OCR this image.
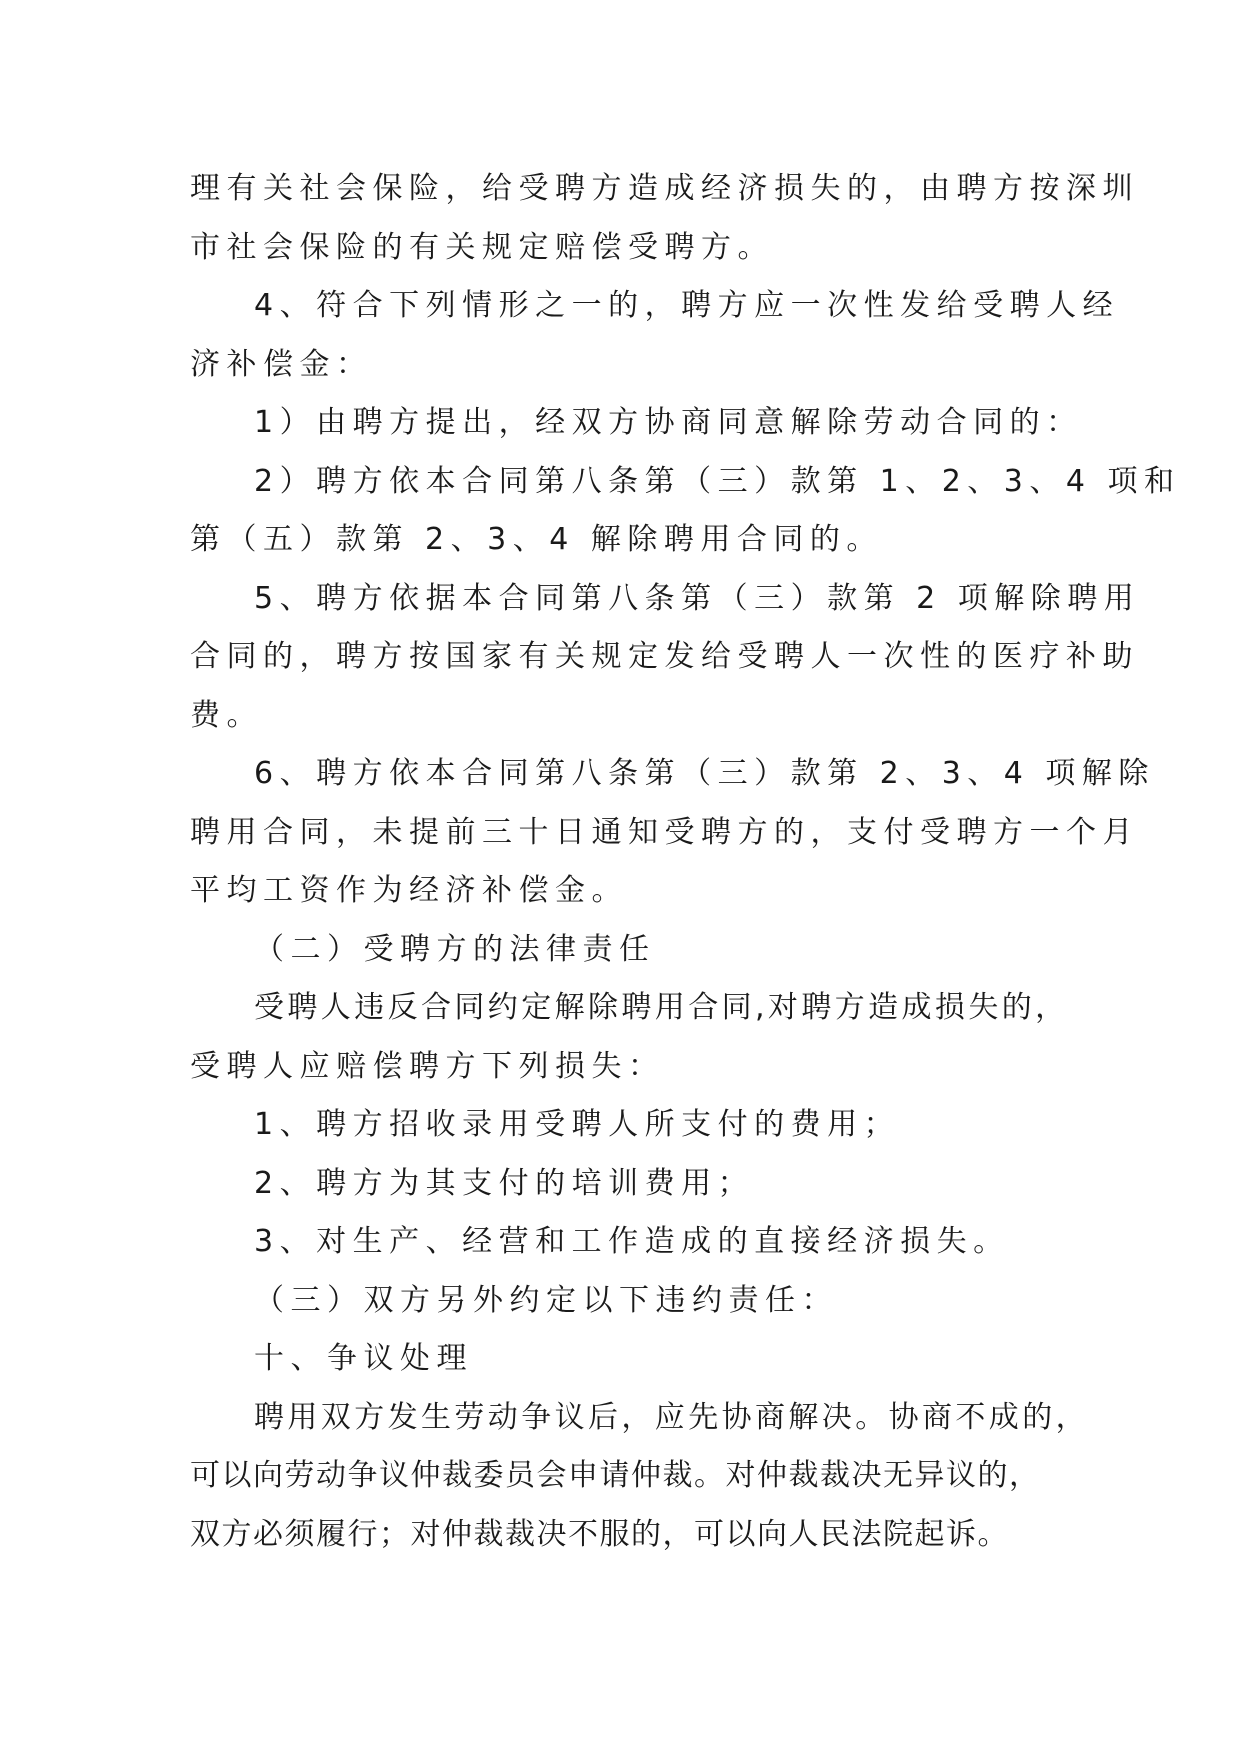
理有关社会保险，给受聘方造成经济损失的，由聘方按深圳
市社会保险的有关规定赔偿受聘方。
4、符合下列情形之一的，聘方应一次性发给受聘人经
济补偿金：
1）由聘方提出，经双方协商同意解除劳动合同的：
2）聘方依本合同第八条第（三）款第 1、2、3、4 项和
第（五）款第 2、3、4 解除聘用合同的。
5、聘方依据本合同第八条第（三）款第 2 项解除聘用
合同的，聘方按国家有关规定发给受聘人一次性的医疗补助
费。
6、聘方依本合同第八条第（三）款第 2、3、4 项解除
聘用合同，未提前三十日通知受聘方的，支付受聘方一个月
平均工资作为经济补偿金。
（二）受聘方的法律责任
受聘人违反合同约定解除聘用合同,对聘方造成损失的，
受聘人应赔偿聘方下列损失：
1、聘方招收录用受聘人所支付的费用；
2、聘方为其支付的培训费用；
3、对生产、经营和工作造成的直接经济损失。
（三）双方另外约定以下违约责任：
十、争议处理
聘用双方发生劳动争议后，应先协商解决。协商不成的，
可以向劳动争议仲裁委员会申请仲裁。对仲裁裁决无异议的，
双方必须履行；对仲裁裁决不服的，可以向人民法院起诉。
